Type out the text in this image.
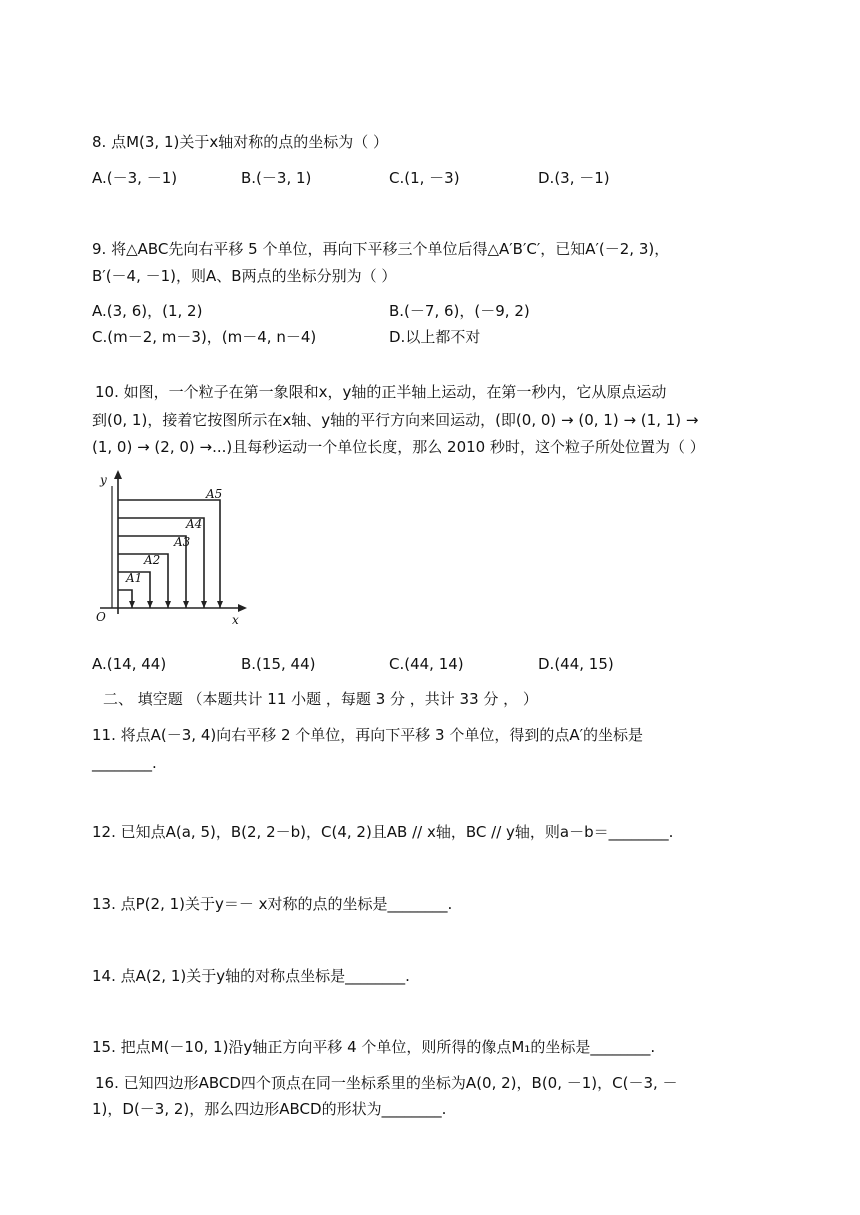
8. 点M(3, 1)关于x轴对称的点的坐标为（ ）
A.(－3, －1)	B.(－3, 1)	C.(1, －3)	D.(3, －1)
9. 将△ABC先向右平移 5 个单位，再向下平移三个单位后得△A′B′C′，已知A′(－2, 3)，
B′(－4, －1)，则A、B两点的坐标分别为（ ）
A.(3, 6)，(1, 2)	B.(－7, 6)，(－9, 2)
C.(m－2, m－3)，(m－4, n－4)	D.以上都不对
10. 如图，一个粒子在第一象限和x，y轴的正半轴上运动，在第一秒内，它从原点运动
到(0, 1)，接着它按图所示在x轴、y轴的平行方向来回运动，(即(0, 0) → (0, 1) → (1, 1) →
(1, 0) → (2, 0) →...)且每秒运动一个单位长度，那么 2010 秒时，这个粒子所处位置为（ ）
y
x
O
A1
A2
A3
A4
A5
A.(14, 44)	B.(15, 44)	C.(44, 14)	D.(44, 15)
二、 填空题 （本题共计 11 小题 ，每题 3 分 ，共计 33 分 ， ）
11. 将点A(－3, 4)向右平移 2 个单位，再向下平移 3 个单位，得到的点A′的坐标是
________.
12. 已知点A(a, 5)，B(2, 2－b)，C(4, 2)且AB // x轴，BC // y轴，则a－b＝________.
13. 点P(2, 1)关于y＝－ x对称的点的坐标是________.
14. 点A(2, 1)关于y轴的对称点坐标是________.
15. 把点M(－10, 1)沿y轴正方向平移 4 个单位，则所得的像点M₁的坐标是________.
16. 已知四边形ABCD四个顶点在同一坐标系里的坐标为A(0, 2)，B(0, －1)，C(－3, －
1)，D(－3, 2)，那么四边形ABCD的形状为________.
